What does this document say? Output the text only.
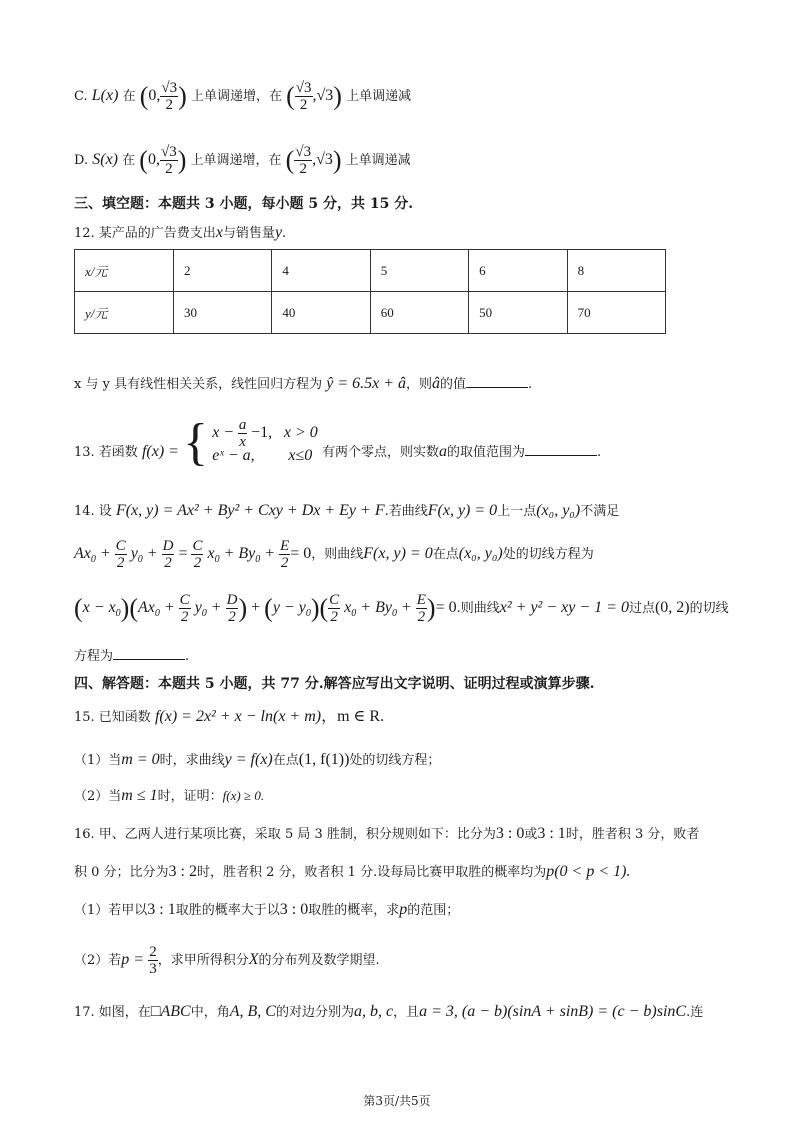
C. L(x) 在 (0, $\frac{√3}{2}$ ) 上单调递增，在 ( $\frac{√3}{2} ,√3$) 上单调递减
D. S(x) 在 (0, $\frac{√3}{2}$ ) 上单调递增，在 ( $\frac{√3}{2} ,√3$) 上单调递减
三、填空题：本题共 3 小题，每小题 5 分，共 15 分.
12. 某产品的广告费支出x与销售量y.
x/元	2	4	5	6	8
y/元	30	40	60	50	70
x 与 y 具有线性相关关系，线性回归方程为 ŷ = 6.5x + â，则â的值	.
13. 若函数 f(x) = { $x - \frac{a}{x} -1$, x > 0
eˣ − a, x≤0 有两个零点，则实数a的取值范围为	.
14. 设 F(x, y) = Ax² + By² + Cxy + Dx + Ey + F.若曲线F(x, y) = 0上一点(x₀, y₀)不满足
$Ax_0 + \frac{C}{2} y_0 + \frac{D}{2} = \frac{C}{2} x_0 + By_0 + \frac{E}{2} = 0$，则曲线F(x, y) = 0在点(x₀, y₀)处的切线方程为
$(x - x_0)(Ax_0 + \frac{C}{2} y_0 + \frac{D}{2}$ ) + $(y - y_0)( \frac{C}{2} x_0 + By_0 + \frac{E}{2}$ )= 0.则曲线x² + y² − xy − 1 = 0过点(0, 2)的切线
方程为	.
四、解答题：本题共 5 小题，共 77 分.解答应写出文字说明、证明过程或演算步骤.
15. 已知函数 f(x) = 2x² + x − ln(x + m)，m ∈ R.
（1）当m = 0时，求曲线y = f(x)在点(1, f(1))处的切线方程；
（2）当m ≤ 1时，证明：f(x) ≥ 0.
16. 甲、乙两人进行某项比赛，采取 5 局 3 胜制，积分规则如下：比分为3 : 0或3 : 1时，胜者积 3 分，败者
积 0 分；比分为3 : 2时，胜者积 2 分，败者积 1 分.设每局比赛甲取胜的概率均为p(0 < p < 1).
（1）若甲以3 : 1取胜的概率大于以3 : 0取胜的概率，求p的范围；
（2）若$p = \frac{2}{3}$ ，求甲所得积分X的分布列及数学期望.
17. 如图，在□ABC中，角A, B, C的对边分别为a, b, c，且a = 3, (a − b)(sinA + sinB) = (c − b)sinC.连
第3页/共5页
